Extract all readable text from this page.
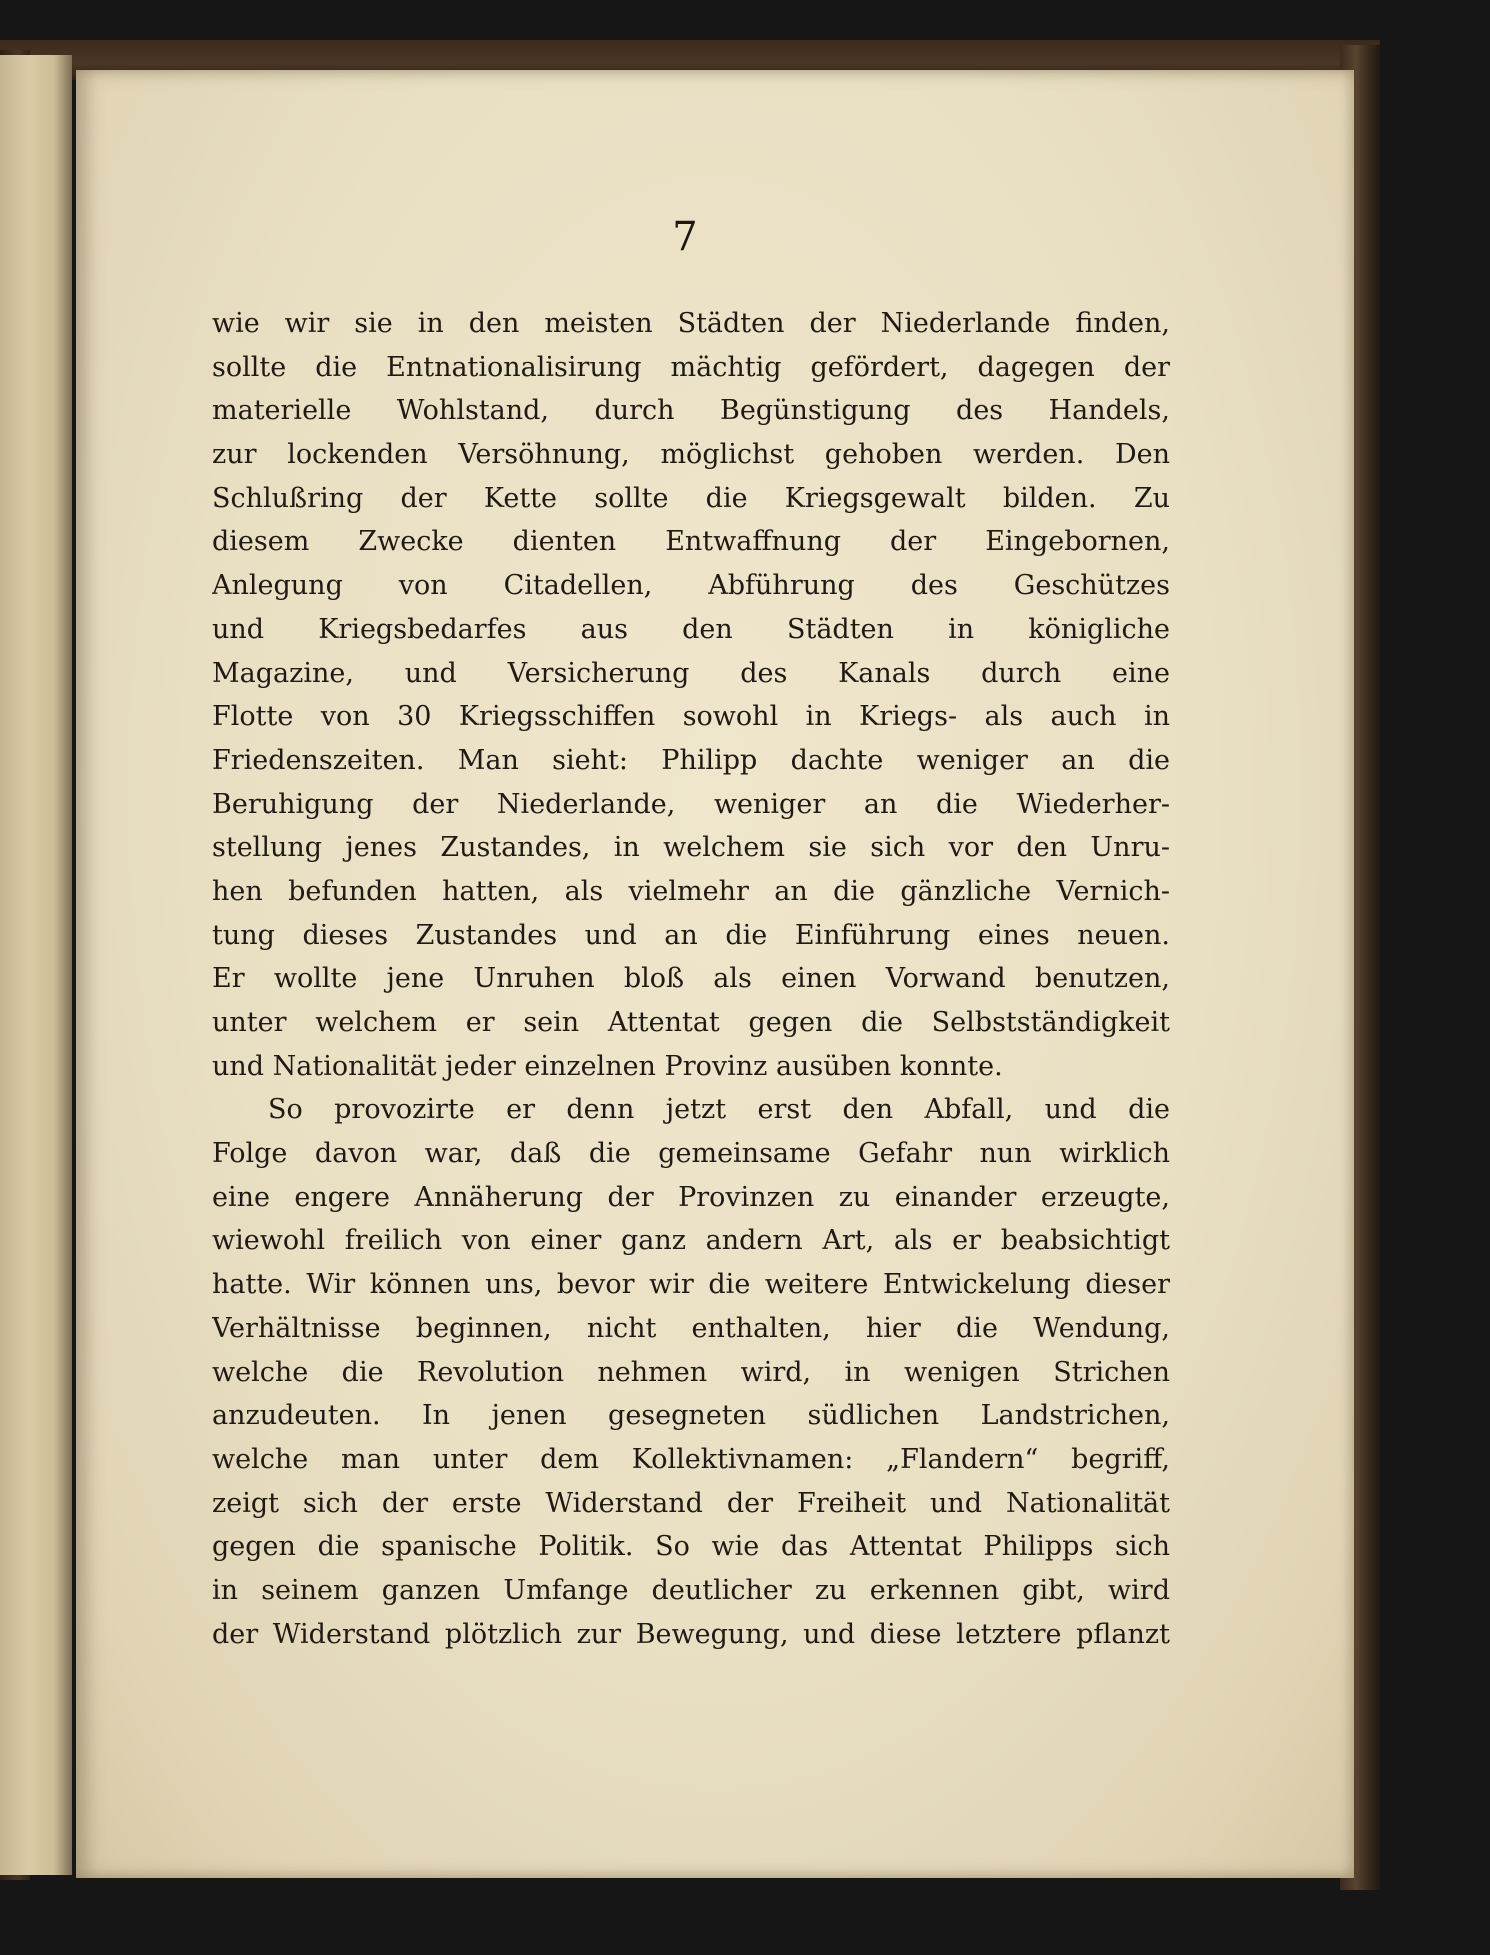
7
wie wir sie in den meisten Städten der Niederlande finden,
sollte die Entnationalisirung mächtig gefördert, dagegen der
materielle Wohlstand, durch Begünstigung des Handels,
zur lockenden Versöhnung, möglichst gehoben werden. Den
Schlußring der Kette sollte die Kriegsgewalt bilden. Zu
diesem Zwecke dienten Entwaffnung der Eingebornen,
Anlegung von Citadellen, Abführung des Geschützes
und Kriegsbedarfes aus den Städten in königliche
Magazine, und Versicherung des Kanals durch eine
Flotte von 30 Kriegsschiffen sowohl in Kriegs- als auch in
Friedenszeiten. Man sieht: Philipp dachte weniger an die
Beruhigung der Niederlande, weniger an die Wiederher-
stellung jenes Zustandes, in welchem sie sich vor den Unru-
hen befunden hatten, als vielmehr an die gänzliche Vernich-
tung dieses Zustandes und an die Einführung eines neuen.
Er wollte jene Unruhen bloß als einen Vorwand benutzen,
unter welchem er sein Attentat gegen die Selbstständigkeit
und Nationalität jeder einzelnen Provinz ausüben konnte.
So provozirte er denn jetzt erst den Abfall, und die
Folge davon war, daß die gemeinsame Gefahr nun wirklich
eine engere Annäherung der Provinzen zu einander erzeugte,
wiewohl freilich von einer ganz andern Art, als er beabsichtigt
hatte. Wir können uns, bevor wir die weitere Entwickelung dieser
Verhältnisse beginnen, nicht enthalten, hier die Wendung,
welche die Revolution nehmen wird, in wenigen Strichen
anzudeuten. In jenen gesegneten südlichen Landstrichen,
welche man unter dem Kollektivnamen: „Flandern“ begriff,
zeigt sich der erste Widerstand der Freiheit und Nationalität
gegen die spanische Politik. So wie das Attentat Philipps sich
in seinem ganzen Umfange deutlicher zu erkennen gibt, wird
der Widerstand plötzlich zur Bewegung, und diese letztere pflanzt
